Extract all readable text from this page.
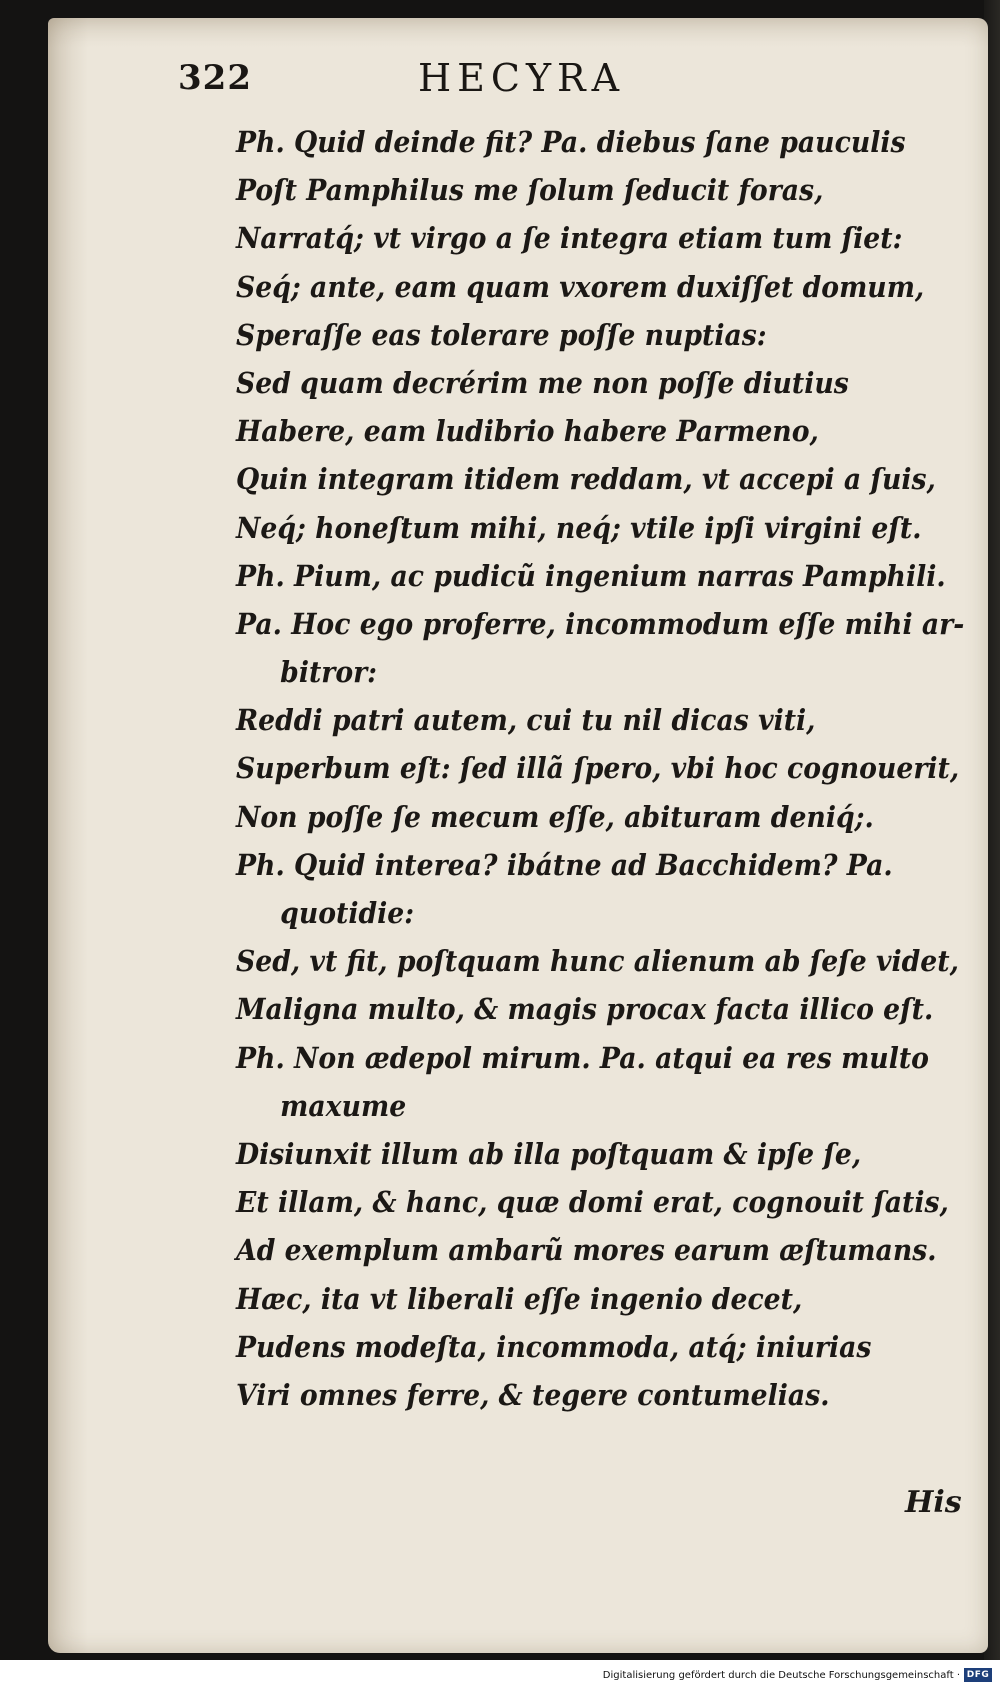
322	HECYRA
Ph. Quid deinde fit? Pa. diebus ſane pauculis
Poſt Pamphilus me ſolum ſeducit foras,
Narratq́; vt virgo a ſe integra etiam tum ſiet:
Seq́; ante, eam quam vxorem duxiſſet domum,
Speraſſe eas tolerare poſſe nuptias:
Sed quam decrérim me non poſſe diutius
Habere, eam ludibrio habere Parmeno,
Quin integram itidem reddam, vt accepi a ſuis,
Neq́; honeſtum mihi, neq́; vtile ipſi virgini eſt.
Ph. Pium, ac pudicũ ingenium narras Pamphili.
Pa. Hoc ego proferre, incommodum eſſe mihi ar-
bitror:
Reddi patri autem, cui tu nil dicas viti,
Superbum eſt: ſed illã ſpero, vbi hoc cognouerit,
Non poſſe ſe mecum eſſe, abituram deniq́;.
Ph. Quid interea? ibátne ad Bacchidem? Pa.
quotidie:
Sed, vt fit, poſtquam hunc alienum ab ſeſe videt,
Maligna multo, & magis procax facta illico eſt.
Ph. Non ædepol mirum. Pa. atqui ea res multo
maxume
Disiunxit illum ab illa poſtquam & ipſe ſe,
Et illam, & hanc, quæ domi erat, cognouit ſatis,
Ad exemplum ambarũ mores earum æſtumans.
Hæc, ita vt liberali eſſe ingenio decet,
Pudens modeſta, incommoda, atq́; iniurias
Viri omnes ferre, & tegere contumelias.
His
Digitalisierung gefördert durch die Deutsche Forschungsgemeinschaft · DFG
